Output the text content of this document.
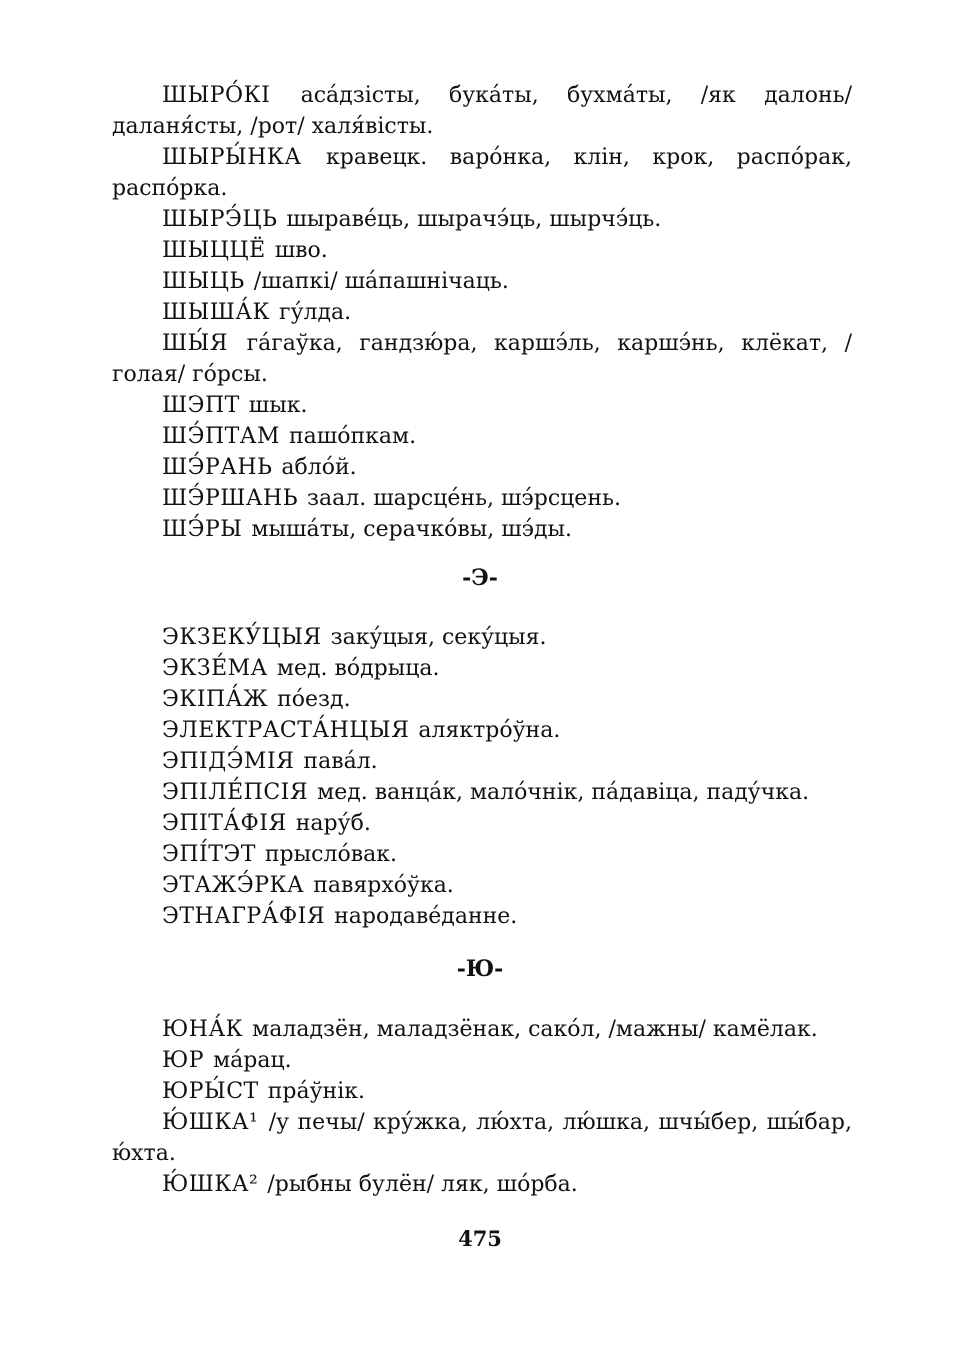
ШЫРО́КІ аса́дзісты, бука́ты, бухма́ты, /як далонь/ даланя́сты, /рот/ халя́вісты.

ШЫРЫ́НКА кравецк. варо́нка, клін, крок, распо́рак, распо́рка.

ШЫРЭ́ЦЬ шыраве́ць, шырачэ́ць, шырчэ́ць.

ШЫЦЦЁ шво.

ШЫЦЬ /шапкі/ ша́пашнічаць.

ШЫША́К гу́лда.

ШЫ́Я га́гаўка, гандзю́ра, каршэ́ль, каршэ́нь, клёкат, /голая/ го́рсы.

ШЭПТ шык.

ШЭ́ПТАМ пашо́пкам.

ШЭ́РАНЬ абло́й.

ШЭ́РШАНЬ заал. шарсце́нь, шэ́рсцень.

ШЭ́РЫ мыша́ты, серачко́вы, шэ́ды.

-Э-

ЭКЗЕКУ́ЦЫЯ заку́цыя, секу́цыя.

ЭКЗЕ́МА мед. во́дрыца.

ЭКІПА́Ж по́езд.

ЭЛЕКТРАСТА́НЦЫЯ аляктро́ўна.

ЭПІДЭ́МІЯ пава́л.

ЭПІЛЕ́ПСІЯ мед. ванца́к, мало́чнік, па́давіца, паду́чка.

ЭПІТА́ФІЯ нару́б.

ЭПІ́ТЭТ прысло́вак.

ЭТАЖЭ́РКА павярхо́ўка.

ЭТНАГРА́ФІЯ народаве́данне.

-Ю-

ЮНА́К маладзён, маладзёнак, сако́л, /мажны/ камёлак.

ЮР ма́рац.

ЮРЫ́СТ пра́ўнік.

Ю́ШКА¹ /у печы/ кру́жка, лю́хта, лю́шка, шчы́бер, шы́бар, ю́хта.

Ю́ШКА² /рыбны булён/ ляк, шо́рба.

475
